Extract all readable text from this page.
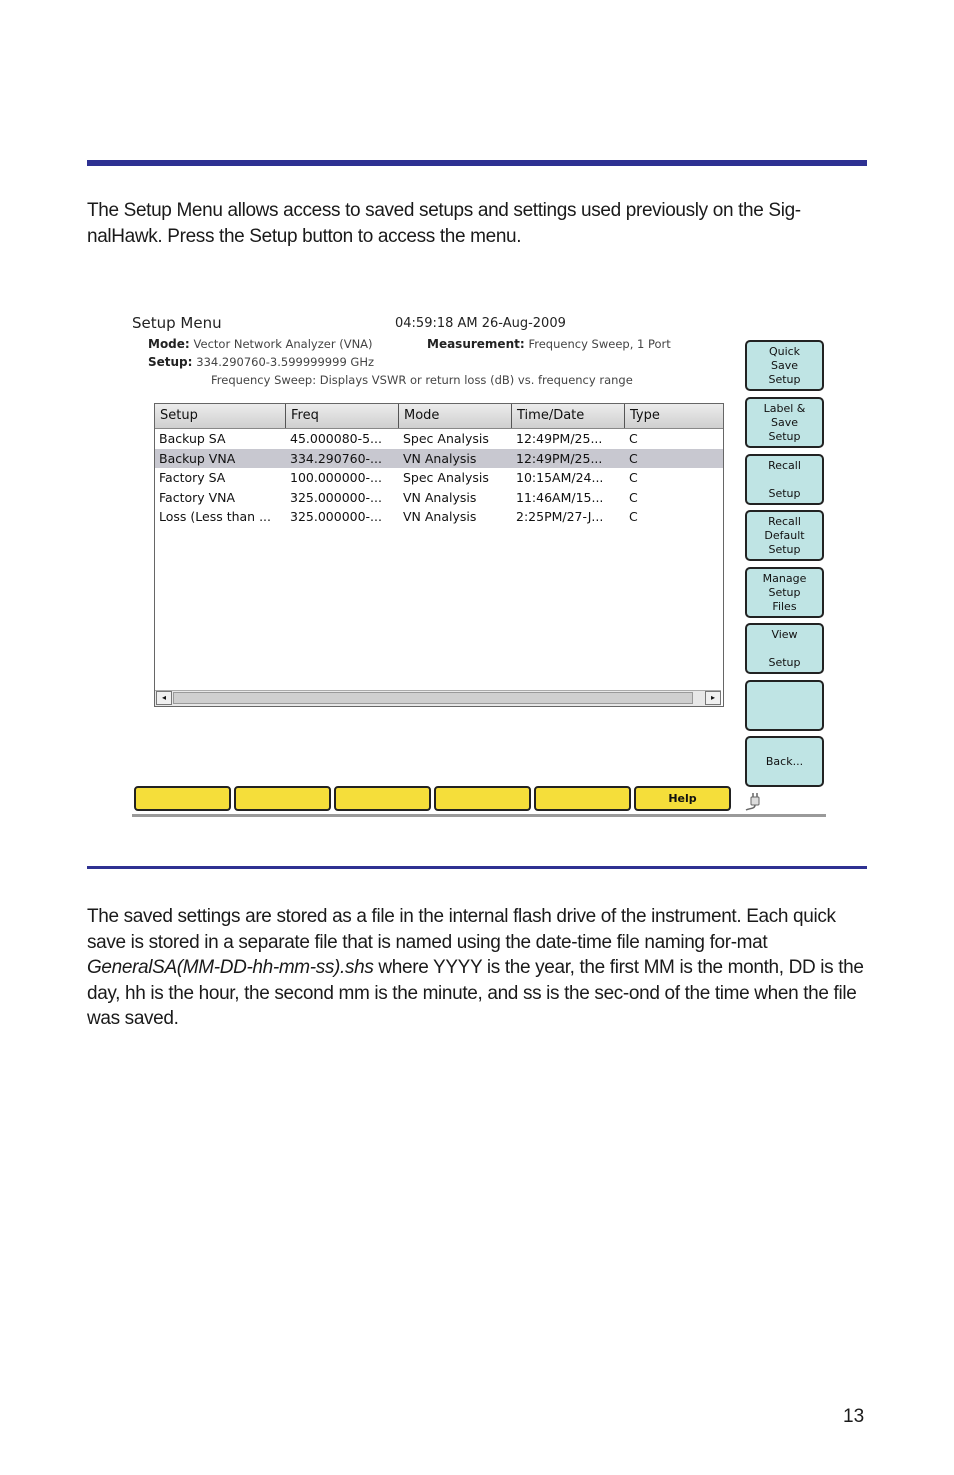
The Setup Menu allows access to saved setups and settings used previously on the Sig-nalHawk. Press the Setup button to access the menu.

Setup Menu	04:59:18 AM 26-Aug-2009
Mode: Vector Network Analyzer (VNA)	Measurement: Frequency Sweep, 1 Port
Setup: 334.290760-3.599999999 GHz
Frequency Sweep: Displays VSWR or return loss (dB) vs. frequency range
Setup	Freq	Mode	Time/Date	Type
Backup SA	45.000080-5...	Spec Analysis	12:49PM/25...	C
Backup VNA	334.290760-...	VN Analysis	12:49PM/25...	C
Factory SA	100.000000-...	Spec Analysis	10:15AM/24...	C
Factory VNA	325.000000-...	VN Analysis	11:46AM/15...	C
Loss (Less than ...	325.000000-...	VN Analysis	2:25PM/27-J...	C
◂	▸
Quick
Save
Setup
Label &
Save
Setup
Recall

Setup
Recall
Default
Setup
Manage
Setup
Files
View

Setup
Back...
Help

The saved settings are stored as a file in the internal flash drive of the instrument. Each quick save is stored in a separate file that is named using the date-time file naming for-mat GeneralSA(MM-DD-hh-mm-ss).shs where YYYY is the year, the first MM is the month, DD is the day, hh is the hour, the second mm is the minute, and ss is the sec-ond of the time when the file was saved.

13
